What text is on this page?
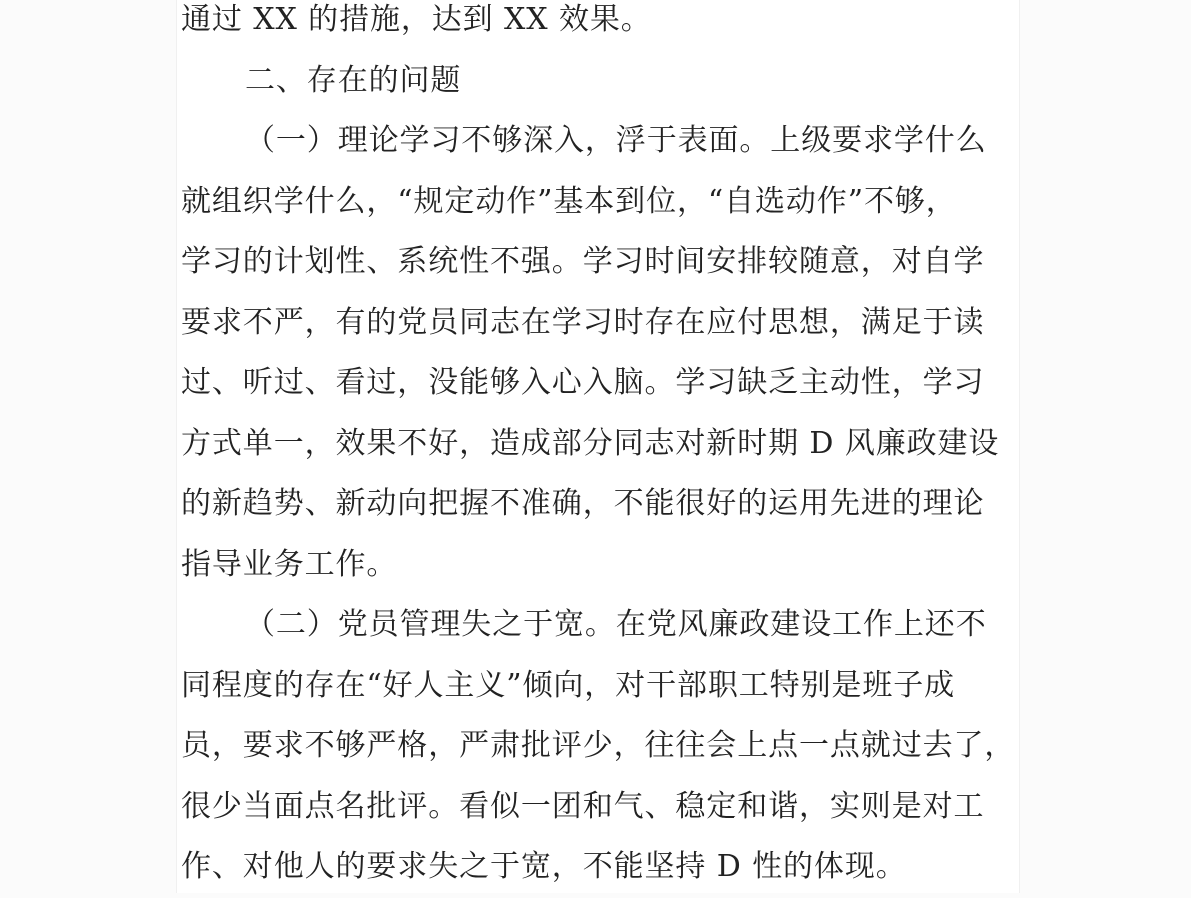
通过 XX 的措施，达到 XX 效果。
二、存在的问题
（一）理论学习不够深入，浮于表面。上级要求学什么
就组织学什么，“规定动作”基本到位，“自选动作”不够，
学习的计划性、系统性不强。学习时间安排较随意，对自学
要求不严，有的党员同志在学习时存在应付思想，满足于读
过、听过、看过，没能够入心入脑。学习缺乏主动性，学习
方式单一，效果不好，造成部分同志对新时期 D 风廉政建设
的新趋势、新动向把握不准确，不能很好的运用先进的理论
指导业务工作。
（二）党员管理失之于宽。在党风廉政建设工作上还不
同程度的存在“好人主义”倾向，对干部职工特别是班子成
员，要求不够严格，严肃批评少，往往会上点一点就过去了，
很少当面点名批评。看似一团和气、稳定和谐，实则是对工
作、对他人的要求失之于宽，不能坚持 D 性的体现。
